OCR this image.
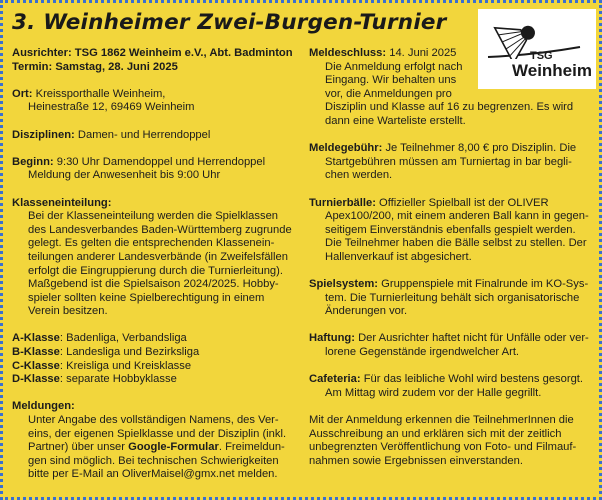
3. Weinheimer Zwei-Burgen-Turnier
TSG
Weinheim

Ausrichter: TSG 1862 Weinheim e.V., Abt. Badminton

Termin: Samstag, 28. Juni 2025

Ort: Kreissporthalle Weinheim,

Heinestraße 12, 69469 Weinheim

Disziplinen: Damen- und Herrendoppel

Beginn: 9:30 Uhr Damendoppel und Herrendoppel

Meldung der Anwesenheit bis 9:00 Uhr

Klasseneinteilung:

Bei der Klasseneinteilung werden die Spielklassen

des Landesverbandes Baden-Württemberg zugrunde

gelegt. Es gelten die entsprechenden Klassenein-

teilungen anderer Landesverbände (in Zweifelsfällen

erfolgt die Eingruppierung durch die Turnierleitung).

Maßgebend ist die Spielsaison 2024/2025. Hobby-

spieler sollten keine Spielberechtigung in einem

Verein besitzen.

A-Klasse: Badenliga, Verbandsliga

B-Klasse: Landesliga und Bezirksliga

C-Klasse: Kreisliga und Kreisklasse

D-Klasse: separate Hobbyklasse

Meldungen:

Unter Angabe des vollständigen Namens, des Ver-

eins, der eigenen Spielklasse und der Disziplin (inkl.

Partner) über unser Google-Formular. Freimeldun-

gen sind möglich. Bei technischen Schwierigkeiten

bitte per E-Mail an OliverMaisel@gmx.net melden.

Meldeschluss: 14. Juni 2025

Die Anmeldung erfolgt nach

Eingang. Wir behalten uns

vor, die Anmeldungen pro

Disziplin und Klasse auf 16 zu begrenzen. Es wird

dann eine Warteliste erstellt.

Meldegebühr: Je Teilnehmer 8,00 € pro Disziplin. Die

Startgebühren müssen am Turniertag in bar begli-

chen werden.

Turnierbälle: Offizieller Spielball ist der OLIVER

Apex100/200, mit einem anderen Ball kann in gegen-

seitigem Einverständnis ebenfalls gespielt werden.

Die Teilnehmer haben die Bälle selbst zu stellen. Der

Hallenverkauf ist abgesichert.

Spielsystem: Gruppenspiele mit Finalrunde im KO-Sys-

tem. Die Turnierleitung behält sich organisatorische

Änderungen vor.

Haftung: Der Ausrichter haftet nicht für Unfälle oder ver-

lorene Gegenstände irgendwelcher Art.

Cafeteria: Für das leibliche Wohl wird bestens gesorgt.

Am Mittag wird zudem vor der Halle gegrillt.

Mit der Anmeldung erkennen die TeilnehmerInnen die

Ausschreibung an und erklären sich mit der zeitlich

unbegrenzten Veröffentlichung von Foto- und Filmauf-

nahmen sowie Ergebnissen einverstanden.
